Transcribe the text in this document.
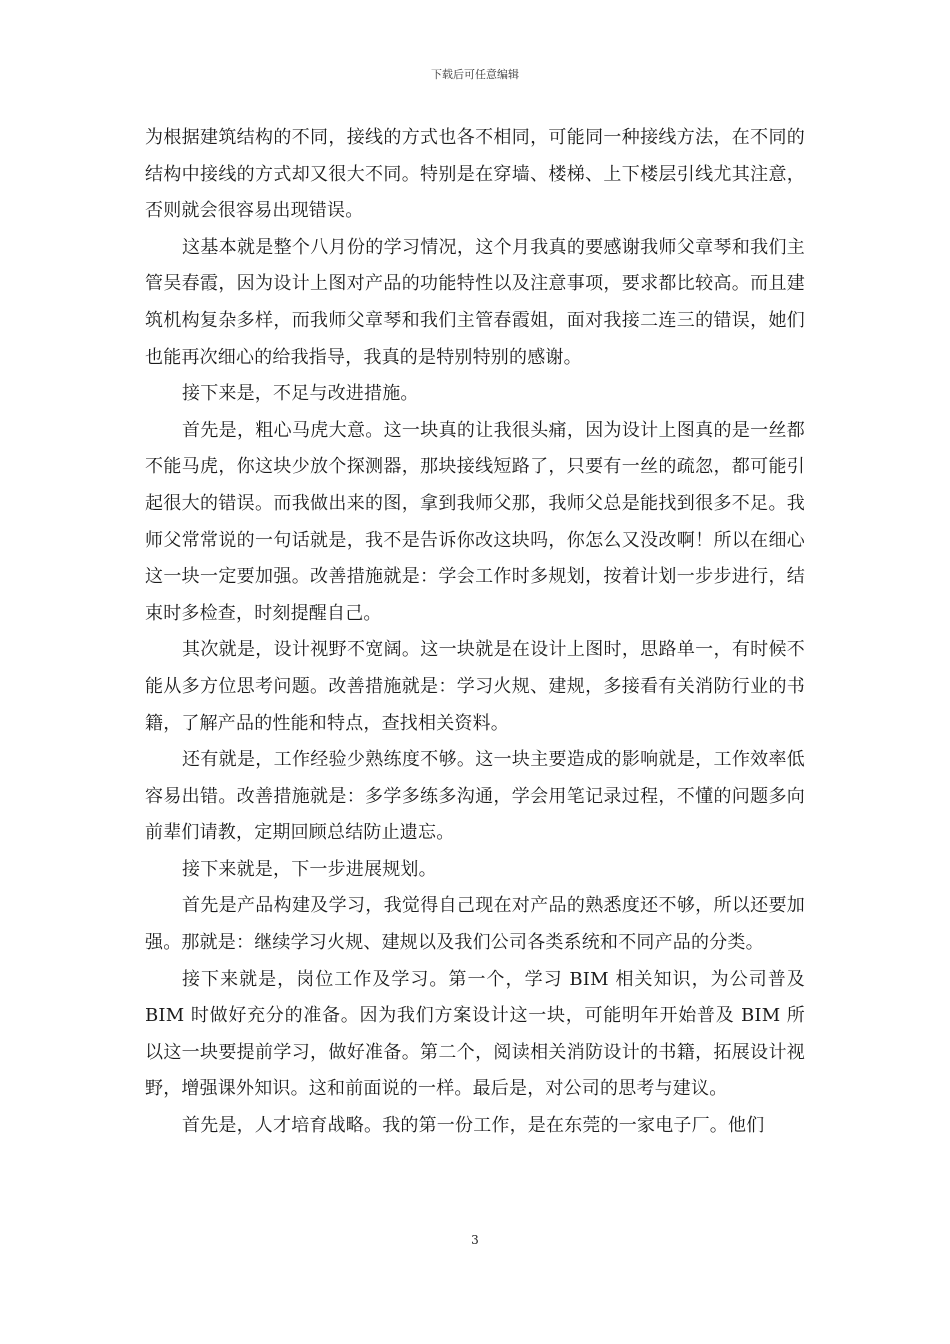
下载后可任意编辑

为根据建筑结构的不同，接线的方式也各不相同，可能同一种接线方法，在不同的结构中接线的方式却又很大不同。特别是在穿墙、楼梯、上下楼层引线尤其注意，否则就会很容易出现错误。

这基本就是整个八月份的学习情况，这个月我真的要感谢我师父章琴和我们主管吴春霞，因为设计上图对产品的功能特性以及注意事项，要求都比较高。而且建筑机构复杂多样，而我师父章琴和我们主管春霞姐，面对我接二连三的错误，她们也能再次细心的给我指导，我真的是特别特别的感谢。

接下来是，不足与改进措施。

首先是，粗心马虎大意。这一块真的让我很头痛，因为设计上图真的是一丝都不能马虎，你这块少放个探测器，那块接线短路了，只要有一丝的疏忽，都可能引起很大的错误。而我做出来的图，拿到我师父那，我师父总是能找到很多不足。我师父常常说的一句话就是，我不是告诉你改这块吗，你怎么又没改啊！所以在细心这一块一定要加强。改善措施就是：学会工作时多规划，按着计划一步步进行，结束时多检查，时刻提醒自己。

其次就是，设计视野不宽阔。这一块就是在设计上图时，思路单一，有时候不能从多方位思考问题。改善措施就是：学习火规、建规，多接看有关消防行业的书籍，了解产品的性能和特点，查找相关资料。

还有就是，工作经验少熟练度不够。这一块主要造成的影响就是，工作效率低容易出错。改善措施就是：多学多练多沟通，学会用笔记录过程，不懂的问题多向前辈们请教，定期回顾总结防止遗忘。

接下来就是，下一步进展规划。

首先是产品构建及学习，我觉得自己现在对产品的熟悉度还不够，所以还要加强。那就是：继续学习火规、建规以及我们公司各类系统和不同产品的分类。

接下来就是，岗位工作及学习。第一个，学习 BIM 相关知识，为公司普及BIM 时做好充分的准备。因为我们方案设计这一块，可能明年开始普及 BIM 所以这一块要提前学习，做好准备。第二个，阅读相关消防设计的书籍，拓展设计视野，增强课外知识。这和前面说的一样。最后是，对公司的思考与建议。

首先是，人才培育战略。我的第一份工作，是在东莞的一家电子厂。他们

3
